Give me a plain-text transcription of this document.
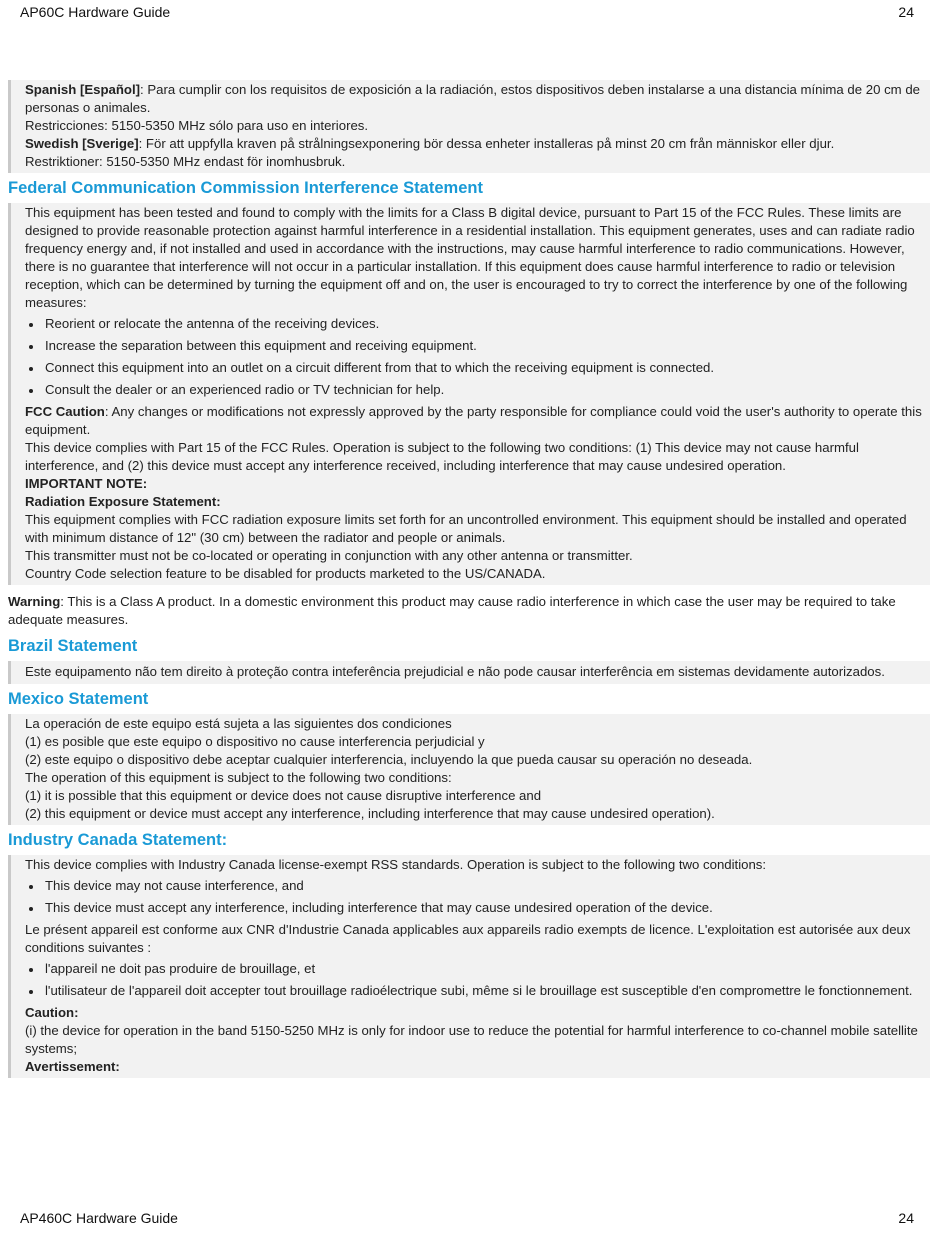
AP60C Hardware Guide	24

Spanish [Español]: Para cumplir con los requisitos de exposición a la radiación, estos dispositivos deben instalarse a una distancia mínima de 20 cm de personas o animales.

Restricciones: 5150-5350 MHz sólo para uso en interiores.

Swedish [Sverige]: För att uppfylla kraven på strålningsexponering bör dessa enheter installeras på minst 20 cm från människor eller djur.

Restriktioner: 5150-5350 MHz endast för inomhusbruk.

Federal Communication Commission Interference Statement

This equipment has been tested and found to comply with the limits for a Class B digital device, pursuant to Part 15 of the FCC Rules. These limits are designed to provide reasonable protection against harmful interference in a residential installation. This equipment generates, uses and can radiate radio frequency energy and, if not installed and used in accordance with the instructions, may cause harmful interference to radio communications. However, there is no guarantee that interference will not occur in a particular installation. If this equipment does cause harmful interference to radio or television reception, which can be determined by turning the equipment off and on, the user is encouraged to try to correct the interference by one of the following measures:

Reorient or relocate the antenna of the receiving devices.
Increase the separation between this equipment and receiving equipment.
Connect this equipment into an outlet on a circuit different from that to which the receiving equipment is connected.
Consult the dealer or an experienced radio or TV technician for help.

FCC Caution: Any changes or modifications not expressly approved by the party responsible for compliance could void the user's authority to operate this equipment.

This device complies with Part 15 of the FCC Rules. Operation is subject to the following two conditions: (1) This device may not cause harmful interference, and (2) this device must accept any interference received, including interference that may cause undesired operation.

IMPORTANT NOTE:

Radiation Exposure Statement:

This equipment complies with FCC radiation exposure limits set forth for an uncontrolled environment. This equipment should be installed and operated with minimum distance of 12" (30 cm) between the radiator and people or animals.

This transmitter must not be co-located or operating in conjunction with any other antenna or transmitter.

Country Code selection feature to be disabled for products marketed to the US/CANADA.

Warning: This is a Class A product. In a domestic environment this product may cause radio interference in which case the user may be required to take adequate measures.

Brazil Statement

Este equipamento não tem direito à proteção contra inteferência prejudicial e não pode causar interferência em sistemas devidamente autorizados.

Mexico Statement

La operación de este equipo está sujeta a las siguientes dos condiciones

(1) es posible que este equipo o dispositivo no cause interferencia perjudicial y

(2) este equipo o dispositivo debe aceptar cualquier interferencia, incluyendo la que pueda causar su operación no deseada.

The operation of this equipment is subject to the following two conditions:

(1) it is possible that this equipment or device does not cause disruptive interference and

(2) this equipment or device must accept any interference, including interference that may cause undesired operation).

Industry Canada Statement:

This device complies with Industry Canada license-exempt RSS standards. Operation is subject to the following two conditions:

This device may not cause interference, and
This device must accept any interference, including interference that may cause undesired operation of the device.

Le présent appareil est conforme aux CNR d'Industrie Canada applicables aux appareils radio exempts de licence. L'exploitation est autorisée aux deux conditions suivantes :

l'appareil ne doit pas produire de brouillage, et
l'utilisateur de l'appareil doit accepter tout brouillage radioélectrique subi, même si le brouillage est susceptible d'en compromettre le fonctionnement.

Caution:

(i) the device for operation in the band 5150-5250 MHz is only for indoor use to reduce the potential for harmful interference to co-channel mobile satellite systems;

Avertissement:

AP460C Hardware Guide	24
